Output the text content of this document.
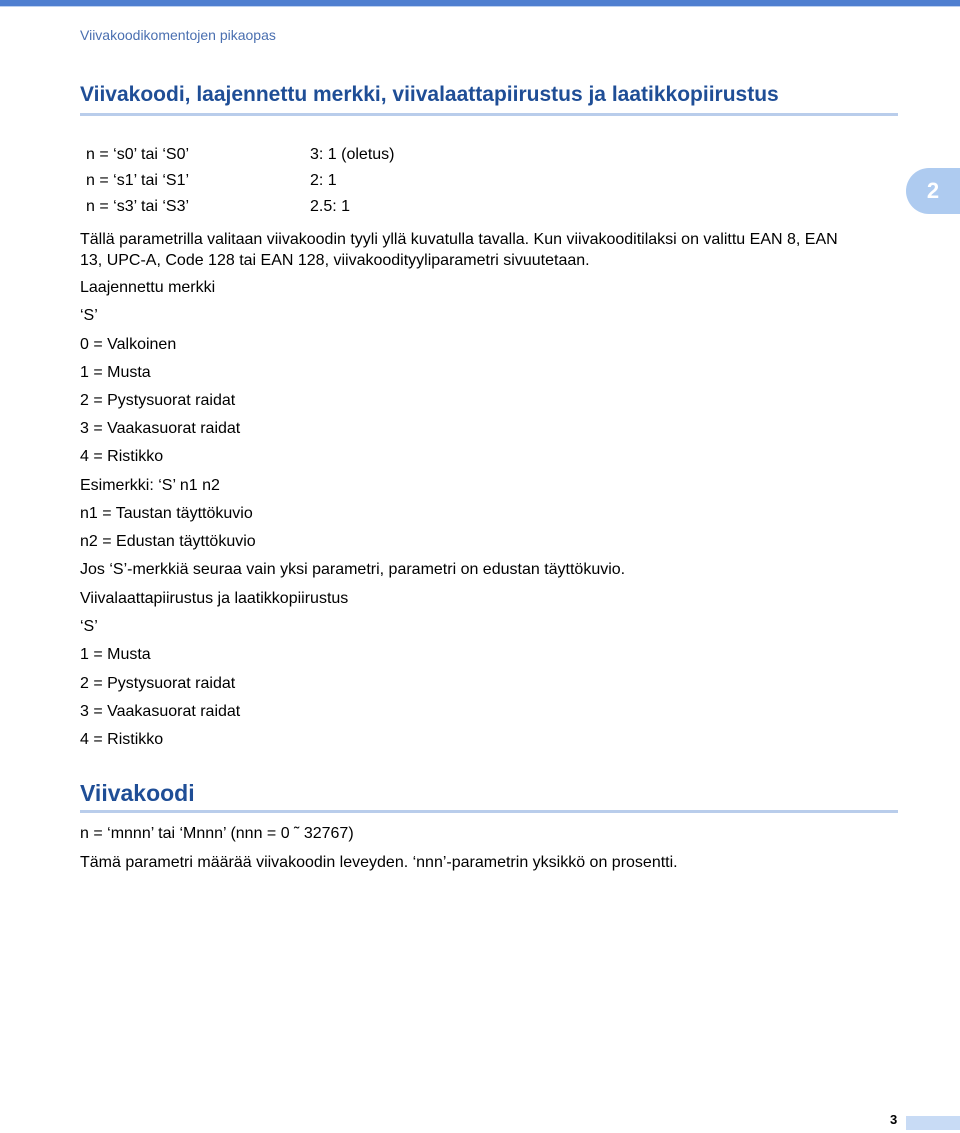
Viivakoodikomentojen pikaopas
Viivakoodi, laajennettu merkki, viivalaattapiirustus ja laatikkopiirustus
2
n = ‘s0’ tai ‘S0’	3: 1 (oletus)
n = ‘s1’ tai ‘S1’	2: 1
n = ‘s3’ tai ‘S3’	2.5: 1
Tällä parametrilla valitaan viivakoodin tyyli yllä kuvatulla tavalla. Kun viivakooditilaksi on valittu EAN 8, EAN
13, UPC-A, Code 128 tai EAN 128, viivakoodityyliparametri sivuutetaan.
Laajennettu merkki
‘S’
0 = Valkoinen
1 = Musta
2 = Pystysuorat raidat
3 = Vaakasuorat raidat
4 = Ristikko
Esimerkki: ‘S’ n1 n2
n1 = Taustan täyttökuvio
n2 = Edustan täyttökuvio
Jos ‘S’-merkkiä seuraa vain yksi parametri, parametri on edustan täyttökuvio.
Viivalaattapiirustus ja laatikkopiirustus
‘S’
1 = Musta
2 = Pystysuorat raidat
3 = Vaakasuorat raidat
4 = Ristikko
Viivakoodi
n = ‘mnnn’ tai ‘Mnnn’ (nnn = 0 ˜ 32767)
Tämä parametri määrää viivakoodin leveyden. ‘nnn’-parametrin yksikkö on prosentti.
3
